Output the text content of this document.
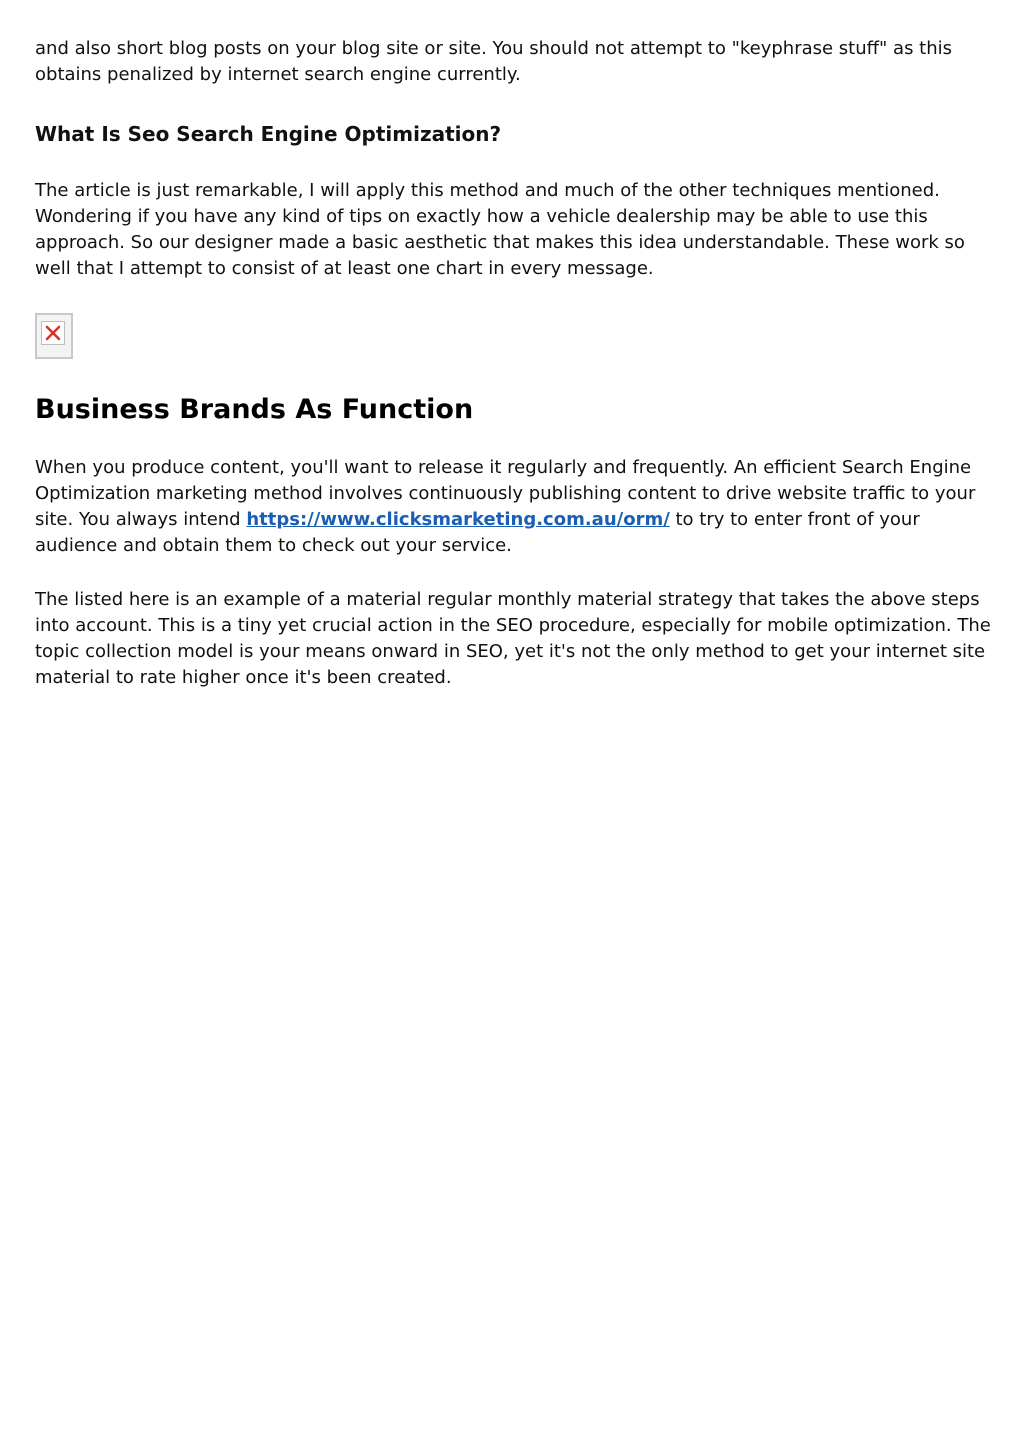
and also short blog posts on your blog site or site. You should not attempt to "keyphrase stuff" as this obtains penalized by internet search engine currently.

What Is Seo Search Engine Optimization?

The article is just remarkable, I will apply this method and much of the other techniques mentioned. Wondering if you have any kind of tips on exactly how a vehicle dealership may be able to use this approach. So our designer made a basic aesthetic that makes this idea understandable. These work so well that I attempt to consist of at least one chart in every message.

Business Brands As Function

When you produce content, you'll want to release it regularly and frequently. An efficient Search Engine Optimization marketing method involves continuously publishing content to drive website traffic to your site. You always intend https://www.clicksmarketing.com.au/orm/ to try to enter front of your audience and obtain them to check out your service.

The listed here is an example of a material regular monthly material strategy that takes the above steps into account. This is a tiny yet crucial action in the SEO procedure, especially for mobile optimization. The topic collection model is your means onward in SEO, yet it's not the only method to get your internet site material to rate higher once it's been created.
